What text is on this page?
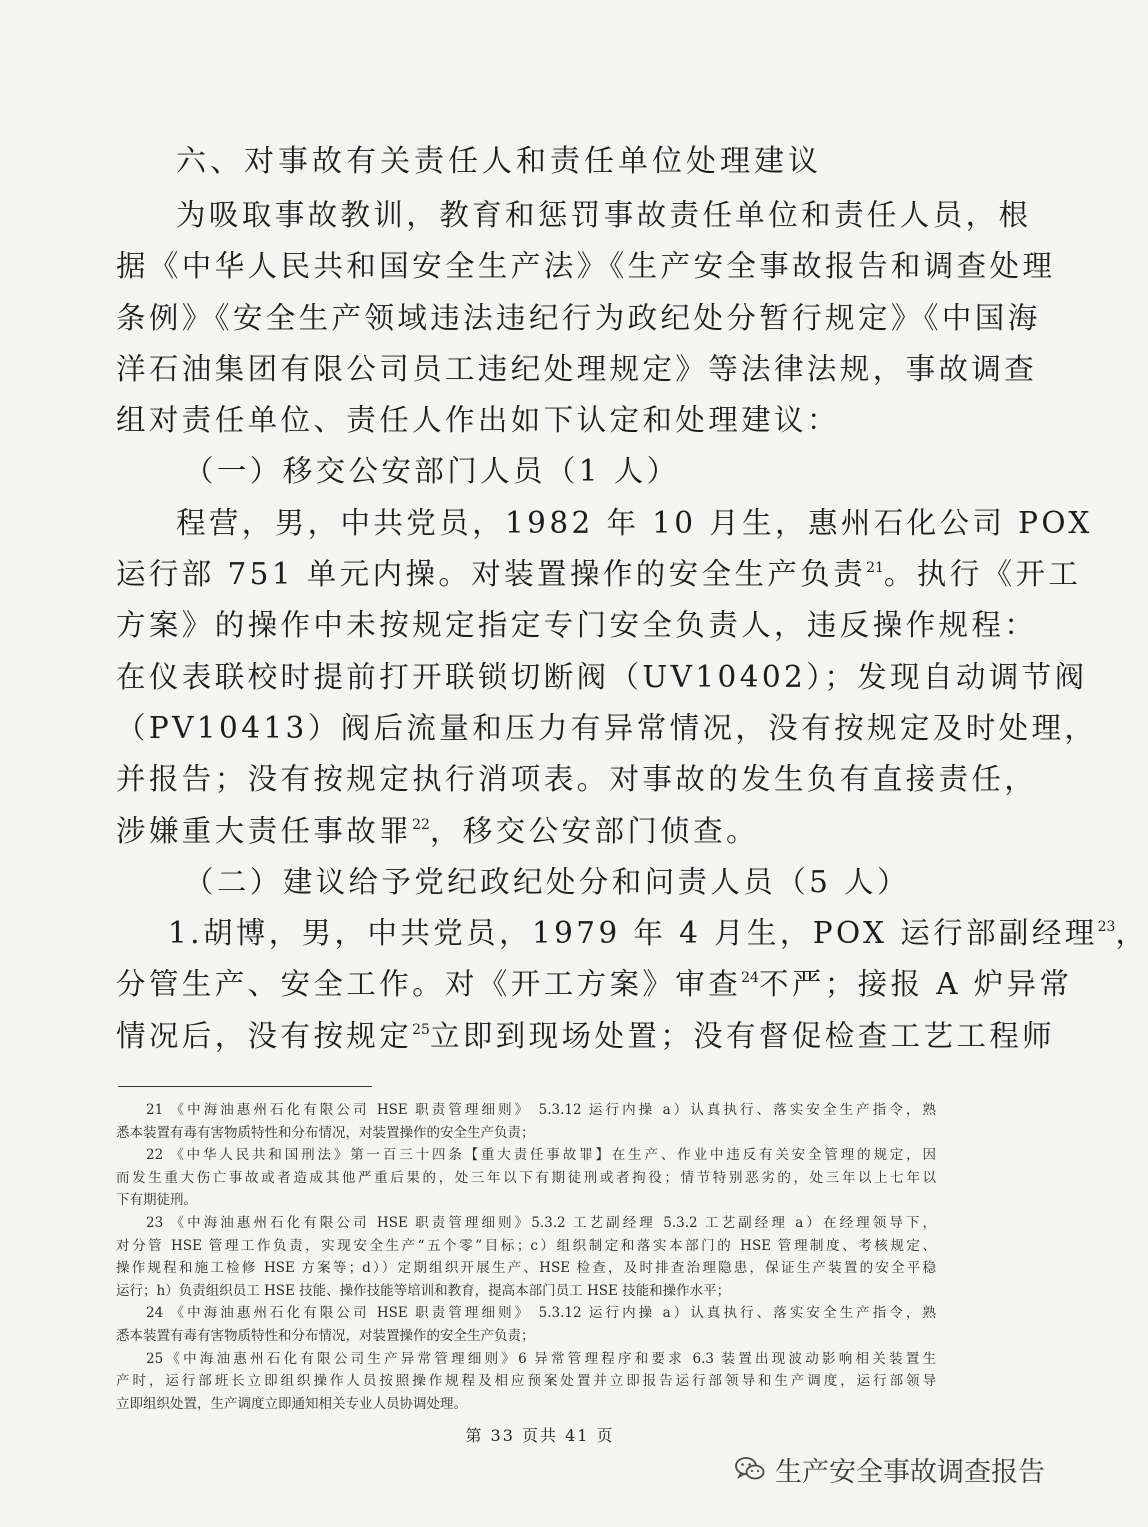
六、对事故有关责任人和责任单位处理建议
为吸取事故教训，教育和惩罚事故责任单位和责任人员，根
据《中华人民共和国安全生产法》《生产安全事故报告和调查处理
条例》《安全生产领域违法违纪行为政纪处分暂行规定》《中国海
洋石油集团有限公司员工违纪处理规定》等法律法规，事故调查
组对责任单位、责任人作出如下认定和处理建议：
（一）移交公安部门人员（1 人）
程营，男，中共党员，1982 年 10 月生，惠州石化公司 POX
运行部 751 单元内操。对装置操作的安全生产负责$^{21}$。执行《开工
方案》的操作中未按规定指定专门安全负责人，违反操作规程：
在仪表联校时提前打开联锁切断阀（UV10402）；发现自动调节阀
（PV10413）阀后流量和压力有异常情况，没有按规定及时处理，
并报告；没有按规定执行消项表。对事故的发生负有直接责任，
涉嫌重大责任事故罪$^{22}$，移交公安部门侦查。
（二）建议给予党纪政纪处分和问责人员（5 人）
1.胡博，男，中共党员，1979 年 4 月生，POX 运行部副经理$^{23}$，
分管生产、安全工作。对《开工方案》审查$^{24}$不严；接报 A 炉异常
情况后，没有按规定$^{25}$立即到现场处置；没有督促检查工艺工程师
21 《中海油惠州石化有限公司 HSE 职责管理细则》 5.3.12 运行内操 a）认真执行、落实安全生产指令，熟
悉本装置有毒有害物质特性和分布情况，对装置操作的安全生产负责；
22 《中华人民共和国刑法》第一百三十四条【重大责任事故罪】在生产、作业中违反有关安全管理的规定，因
而发生重大伤亡事故或者造成其他严重后果的，处三年以下有期徒刑或者拘役；情节特别恶劣的，处三年以上七年以
下有期徒刑。
23 《中海油惠州石化有限公司 HSE 职责管理细则》5.3.2 工艺副经理 5.3.2 工艺副经理 a）在经理领导下，
对分管 HSE 管理工作负责，实现安全生产“五个零”目标；c）组织制定和落实本部门的 HSE 管理制度、考核规定、
操作规程和施工检修 HSE 方案等；d））定期组织开展生产、HSE 检查，及时排查治理隐患，保证生产装置的安全平稳
运行；h）负责组织员工 HSE 技能、操作技能等培训和教育，提高本部门员工 HSE 技能和操作水平；
24 《中海油惠州石化有限公司 HSE 职责管理细则》 5.3.12 运行内操 a）认真执行、落实安全生产指令，熟
悉本装置有毒有害物质特性和分布情况，对装置操作的安全生产负责；
25《中海油惠州石化有限公司生产异常管理细则》6 异常管理程序和要求 6.3 装置出现波动影响相关装置生
产时，运行部班长立即组织操作人员按照操作规程及相应预案处置并立即报告运行部领导和生产调度，运行部领导
立即组织处置，生产调度立即通知相关专业人员协调处理。
第 33 页共 41 页
生产安全事故调查报告
